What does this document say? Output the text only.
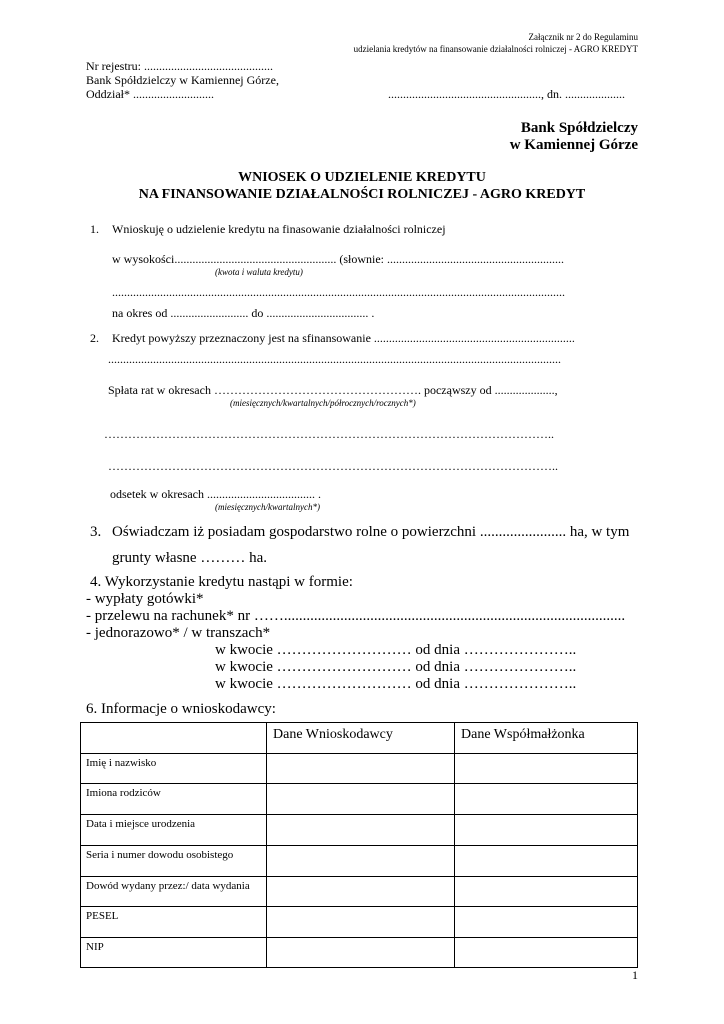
Załącznik nr 2 do Regulaminu
udzielania kredytów na finansowanie działalności rolniczej - AGRO KREDYT
Nr rejestru: ...........................................
Bank Spółdzielczy w Kamiennej Górze,
Oddział* ...........................	..................................................., dn. ....................
Bank Spółdzielczy
w Kamiennej Górze
WNIOSEK O UDZIELENIE KREDYTU
NA FINANSOWANIE DZIAŁALNOŚCI ROLNICZEJ - AGRO KREDYT
1. Wnioskuję o udzielenie kredytu na finasowanie działalności rolniczej
w wysokości...................................................... (słownie: ...........................................................
(kwota i waluta kredytu)
.......................................................................................................................................................
na okres od .......................... do .................................. .
2. Kredyt powyższy przeznaczony jest na sfinansowanie ...................................................................
.......................................................................................................................................................
Spłata rat w okresach ……………………………………………. począwszy od ....................,
(miesięcznych/kwartalnych/półrocznych/rocznych*)
…………………………………………………………………………………………………..
…………………………………………………………………………………………………..
odsetek w okresach .................................... .
(miesięcznych/kwartalnych*)
3. Oświadczam iż posiadam gospodarstwo rolne o powierzchni ....................... ha, w tym
grunty własne ……… ha.
4. Wykorzystanie kredytu nastąpi w formie:
- wypłaty gotówki*
- przelewu na rachunek* nr ……...........................................................................................
- jednorazowo* / w transzach*
w kwocie ……………………… od dnia …………………..
w kwocie ……………………… od dnia …………………..
w kwocie ……………………… od dnia …………………..
6. Informacje o wnioskodawcy:
	Dane Wnioskodawcy	Dane Współmałżonka
Imię i nazwisko		
Imiona rodziców		
Data i miejsce urodzenia		
Seria i numer dowodu osobistego		
Dowód wydany przez:/ data wydania		
PESEL		
NIP		
1
